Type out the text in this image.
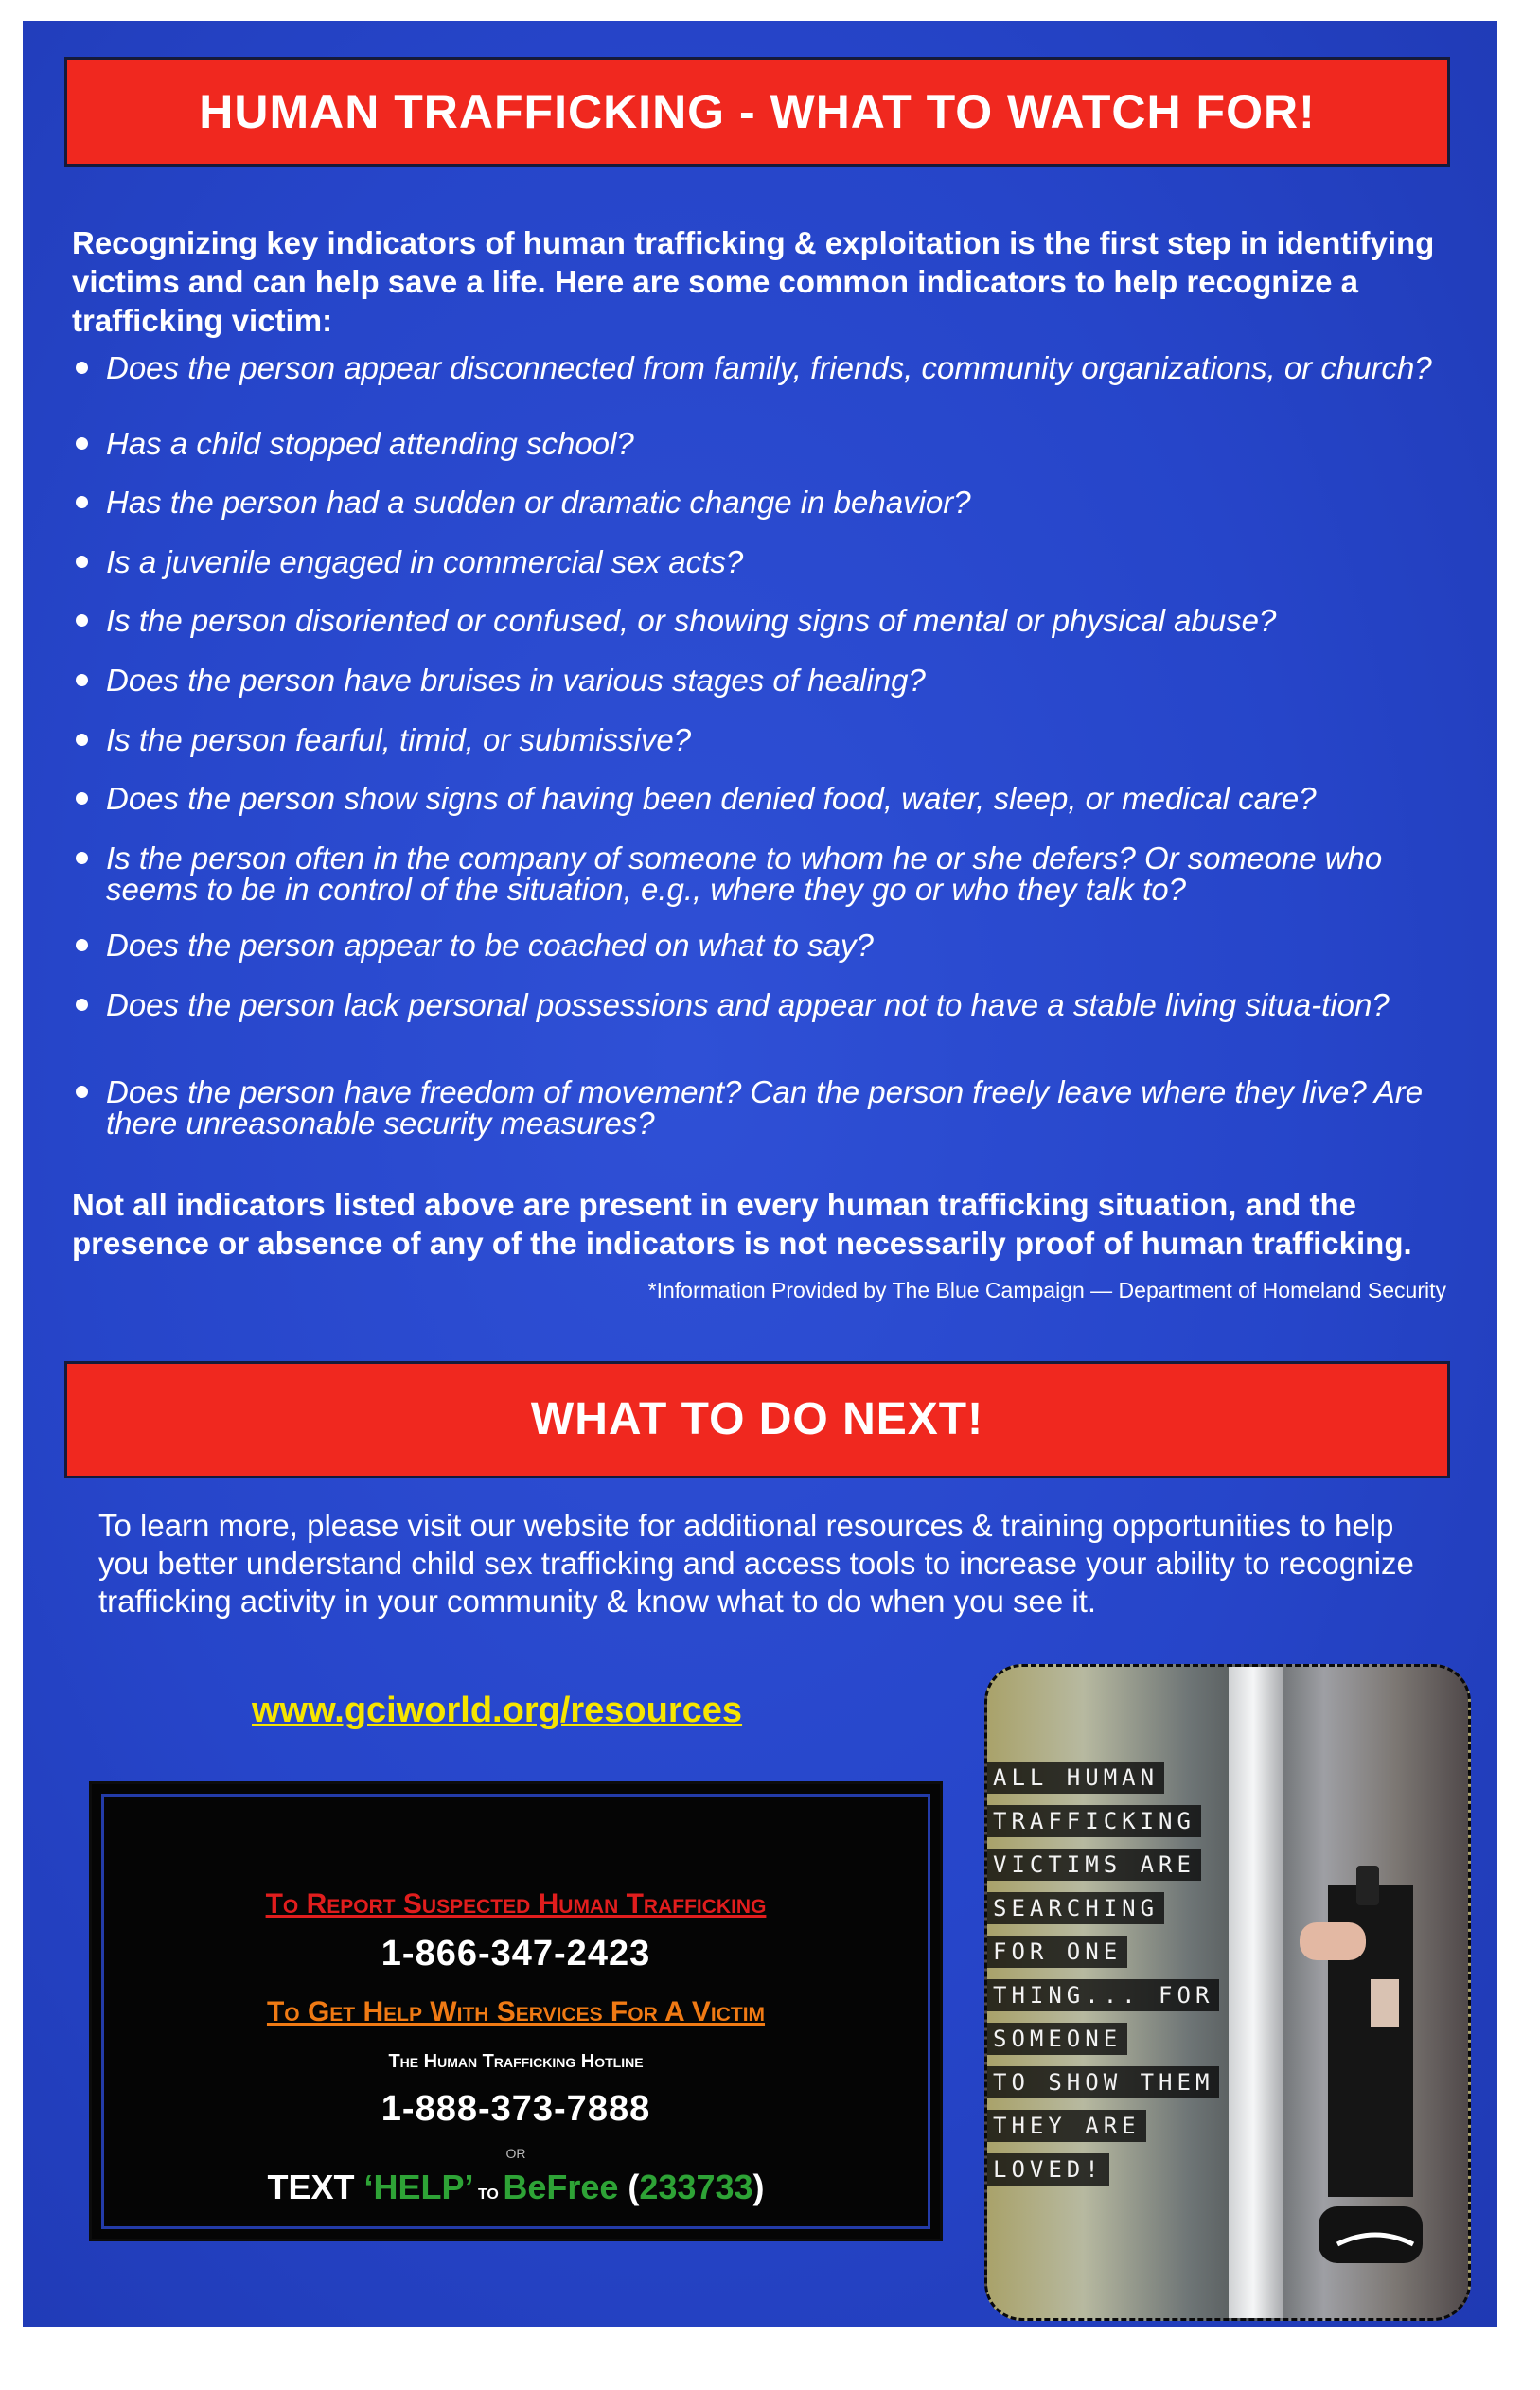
HUMAN TRAFFICKING - WHAT TO WATCH FOR!

Recognizing key indicators of human trafficking & exploitation is the first step in identifying victims and can help save a life. Here are some common indicators to help recognize a trafficking victim:

Does the person appear disconnected from family, friends, community organizations, or church?
Has a child stopped attending school?
Has the person had a sudden or dramatic change in behavior?
Is a juvenile engaged in commercial sex acts?
Is the person disoriented or confused, or showing signs of mental or physical abuse?
Does the person have bruises in various stages of healing?
Is the person fearful, timid, or submissive?
Does the person show signs of having been denied food, water, sleep, or medical care?
Is the person often in the company of someone to whom he or she defers? Or someone who seems to be in control of the situation, e.g., where they go or who they talk to?
Does the person appear to be coached on what to say?
Does the person lack personal possessions and appear not to have a stable living situa-tion?
Does the person have freedom of movement? Can the person freely leave where they live? Are there unreasonable security measures?

Not all indicators listed above are present in every human trafficking situation, and the presence or absence of any of the indicators is not necessarily proof of human trafficking.

*Information Provided by The Blue Campaign — Department of Homeland Security
WHAT TO DO NEXT!

To learn more, please visit our website for additional resources & training opportunities to help you better understand child sex trafficking and access tools to increase your ability to recognize trafficking activity in your community & know what to do when you see it.

www.gciworld.org/resources
To Report Suspected Human Trafficking
1-866-347-2423
To Get Help With Services For A Victim
The Human Trafficking Hotline
1-888-373-7888
OR
TEXT ‘HELP’ TO BeFree (233733)
ALL HUMAN
TRAFFICKING
VICTIMS ARE
SEARCHING
FOR ONE
THING... FOR
SOMEONE
TO SHOW THEM
THEY ARE
LOVED!
